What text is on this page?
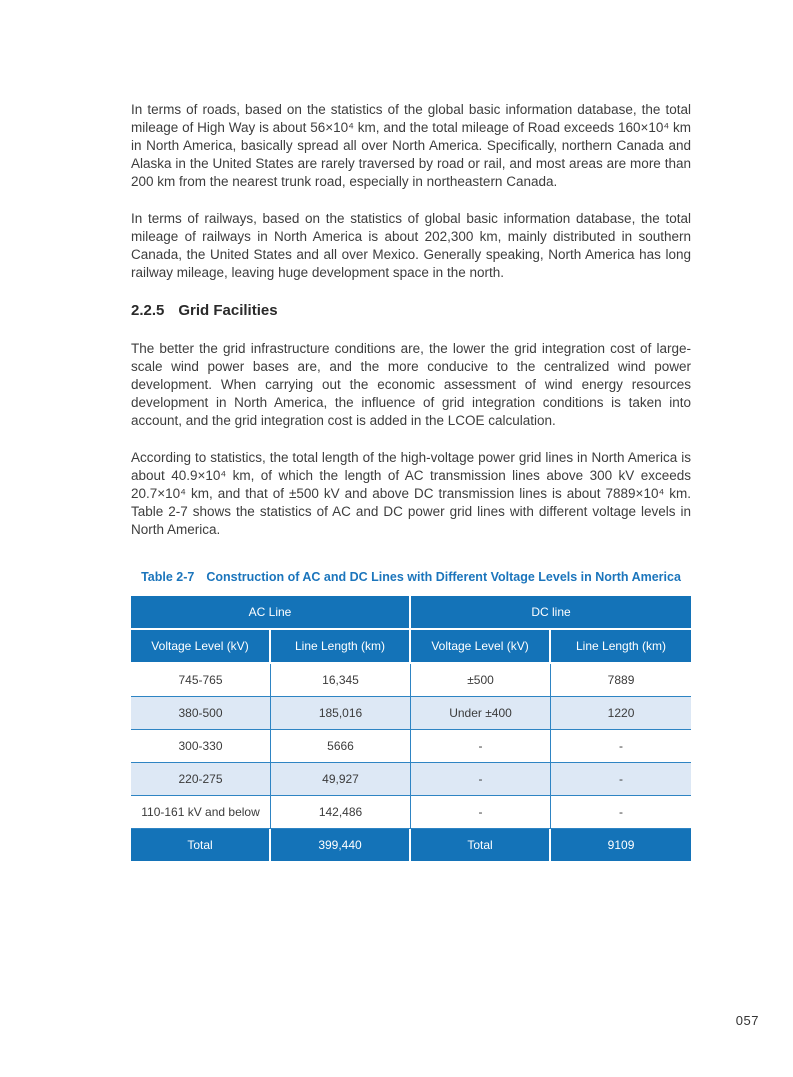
In terms of roads, based on the statistics of the global basic information database, the total mileage of High Way is about 56×10⁴ km, and the total mileage of Road exceeds 160×10⁴ km in North America, basically spread all over North America. Specifically, northern Canada and Alaska in the United States are rarely traversed by road or rail, and most areas are more than 200 km from the nearest trunk road, especially in northeastern Canada.

In terms of railways, based on the statistics of global basic information database, the total mileage of railways in North America is about 202,300 km, mainly distributed in southern Canada, the United States and all over Mexico. Generally speaking, North America has long railway mileage, leaving huge development space in the north.

2.2.5 Grid Facilities

The better the grid infrastructure conditions are, the lower the grid integration cost of large-scale wind power bases are, and the more conducive to the centralized wind power development. When carrying out the economic assessment of wind energy resources development in North America, the influence of grid integration conditions is taken into account, and the grid integration cost is added in the LCOE calculation.

According to statistics, the total length of the high-voltage power grid lines in North America is about 40.9×10⁴ km, of which the length of AC transmission lines above 300 kV exceeds 20.7×10⁴ km, and that of ±500 kV and above DC transmission lines is about 7889×10⁴ km. Table 2-7 shows the statistics of AC and DC power grid lines with different voltage levels in North America.

Table 2-7 Construction of AC and DC Lines with Different Voltage Levels in North America
AC Line		DC line	
Voltage Level (kV)	Line Length (km)	Voltage Level (kV)	Line Length (km)
745-765	16,345	±500	7889
380-500	185,016	Under ±400	1220
300-330	5666	-	-
220-275	49,927	-	-
110-161 kV and below	142,486	-	-
Total	399,440	Total	9109
057
